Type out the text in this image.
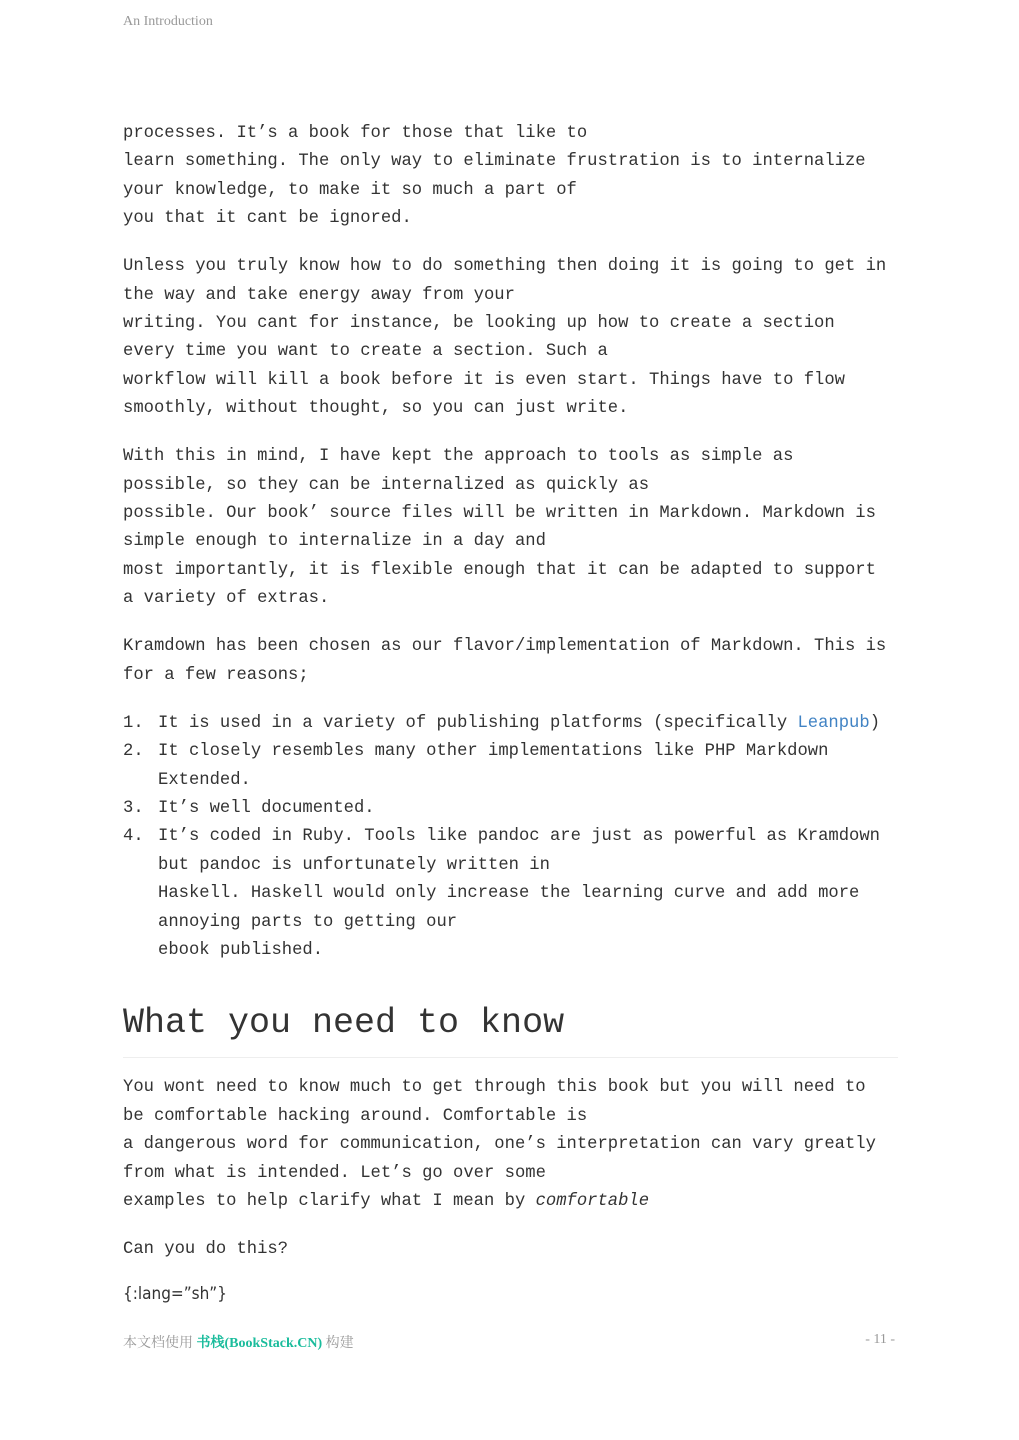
An Introduction

processes. It’s a book for those that like to
learn something. The only way to eliminate frustration is to internalize
your knowledge, to make it so much a part of
you that it cant be ignored.

Unless you truly know how to do something then doing it is going to get in
the way and take energy away from your
writing. You cant for instance, be looking up how to create a section
every time you want to create a section. Such a
workflow will kill a book before it is even start. Things have to flow
smoothly, without thought, so you can just write.

With this in mind, I have kept the approach to tools as simple as
possible, so they can be internalized as quickly as
possible. Our book’ source files will be written in Markdown. Markdown is
simple enough to internalize in a day and
most importantly, it is flexible enough that it can be adapted to support
a variety of extras.

Kramdown has been chosen as our flavor/implementation of Markdown. This is
for a few reasons;

1. It is used in a variety of publishing platforms (specifically Leanpub)
2. It closely resembles many other implementations like PHP Markdown
Extended.
3. It’s well documented.
4. It’s coded in Ruby. Tools like pandoc are just as powerful as Kramdown
but pandoc is unfortunately written in
Haskell. Haskell would only increase the learning curve and add more
annoying parts to getting our
ebook published.
What you need to know

You wont need to know much to get through this book but you will need to
be comfortable hacking around. Comfortable is
a dangerous word for communication, one’s interpretation can vary greatly
from what is intended. Let’s go over some
examples to help clarify what I mean by comfortable

Can you do this?

{:lang=”sh”}

本文档使用 书栈(BookStack.CN) 构建	- 11 -
